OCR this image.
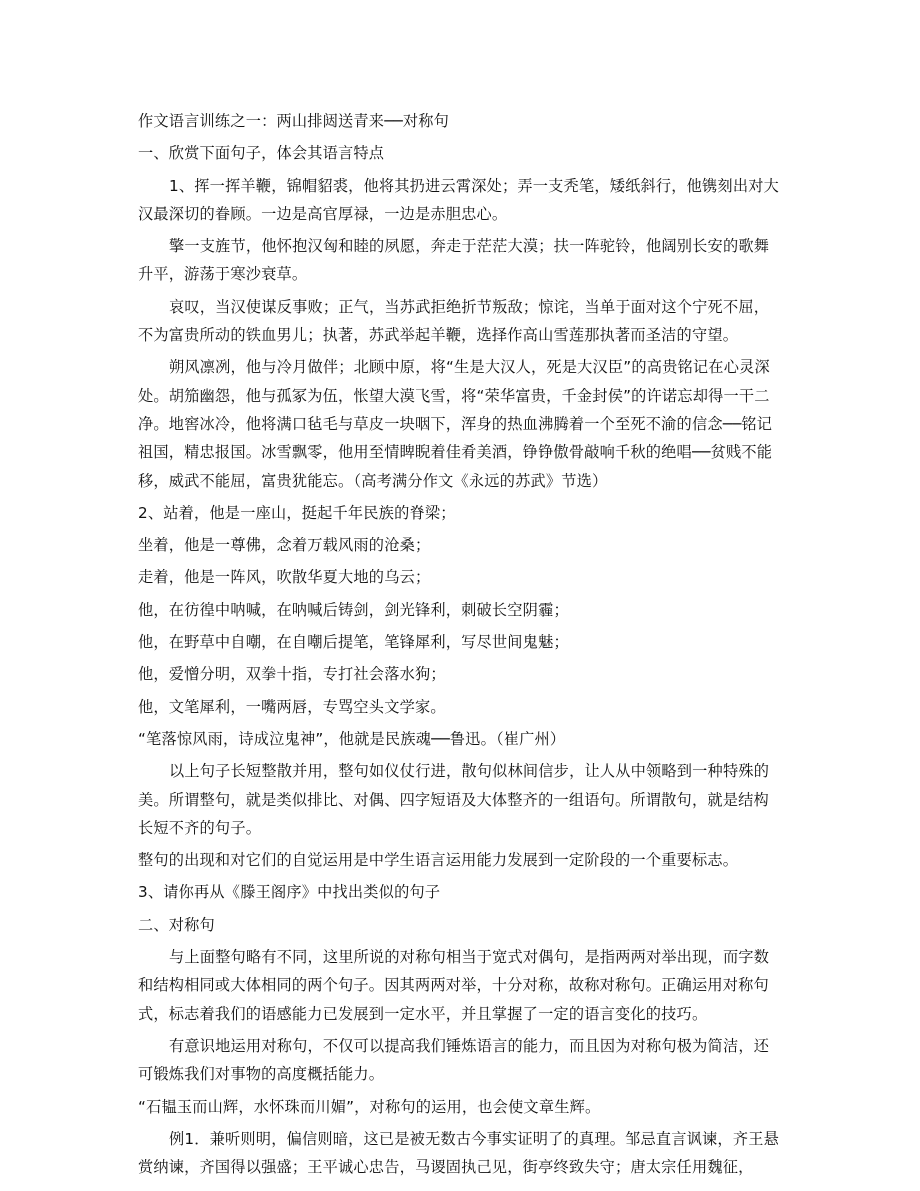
作文语言训练之一：两山排闼送青来──对称句

一、欣赏下面句子，体会其语言特点

1、挥一挥羊鞭，锦帽貂裘，他将其扔进云霄深处；弄一支秃笔，矮纸斜行，他镌刻出对大汉最深切的眷顾。一边是高官厚禄，一边是赤胆忠心。

擎一支旌节，他怀抱汉匈和睦的夙愿，奔走于茫茫大漠；扶一阵驼铃，他阔别长安的歌舞升平，游荡于寒沙衰草。

哀叹，当汉使谋反事败；正气，当苏武拒绝折节叛敌；惊诧，当单于面对这个宁死不屈，不为富贵所动的铁血男儿；执著，苏武举起羊鞭，选择作高山雪莲那执著而圣洁的守望。

朔风凛冽，他与冷月做伴；北顾中原，将“生是大汉人，死是大汉臣”的高贵铭记在心灵深处。胡笳幽怨，他与孤冢为伍，怅望大漠飞雪，将“荣华富贵，千金封侯”的许诺忘却得一干二净。地窖冰冷，他将满口毡毛与草皮一块咽下，浑身的热血沸腾着一个至死不渝的信念──铭记祖国，精忠报国。冰雪飘零，他用至情睥睨着佳肴美酒，铮铮傲骨敲响千秋的绝唱──贫贱不能移，威武不能屈，富贵犹能忘。（高考满分作文《永远的苏武》节选）

2、站着，他是一座山，挺起千年民族的脊梁；

坐着，他是一尊佛，念着万载风雨的沧桑；

走着，他是一阵风，吹散华夏大地的乌云；

他，在彷徨中呐喊，在呐喊后铸剑，剑光锋利，刺破长空阴霾；

他，在野草中自嘲，在自嘲后提笔，笔锋犀利，写尽世间鬼魅；

他，爱憎分明，双拳十指，专打社会落水狗；

他，文笔犀利，一嘴两唇，专骂空头文学家。

“笔落惊风雨，诗成泣鬼神”，他就是民族魂──鲁迅。（崔广州）

以上句子长短整散并用，整句如仪仗行进，散句似林间信步，让人从中领略到一种特殊的美。所谓整句，就是类似排比、对偶、四字短语及大体整齐的一组语句。所谓散句，就是结构长短不齐的句子。

整句的出现和对它们的自觉运用是中学生语言运用能力发展到一定阶段的一个重要标志。

3、请你再从《滕王阁序》中找出类似的句子

二、对称句

与上面整句略有不同，这里所说的对称句相当于宽式对偶句，是指两两对举出现，而字数和结构相同或大体相同的两个句子。因其两两对举，十分对称，故称对称句。正确运用对称句式，标志着我们的语感能力已发展到一定水平，并且掌握了一定的语言变化的技巧。

有意识地运用对称句，不仅可以提高我们锤炼语言的能力，而且因为对称句极为简洁，还可锻炼我们对事物的高度概括能力。

“石韫玉而山辉，水怀珠而川媚”，对称句的运用，也会使文章生辉。

例1．兼听则明，偏信则暗，这已是被无数古今事实证明了的真理。邹忌直言讽谏，齐王悬赏纳谏，齐国得以强盛；王平诚心忠告，马谡固执己见，街亭终致失守；唐太宗任用魏征，
